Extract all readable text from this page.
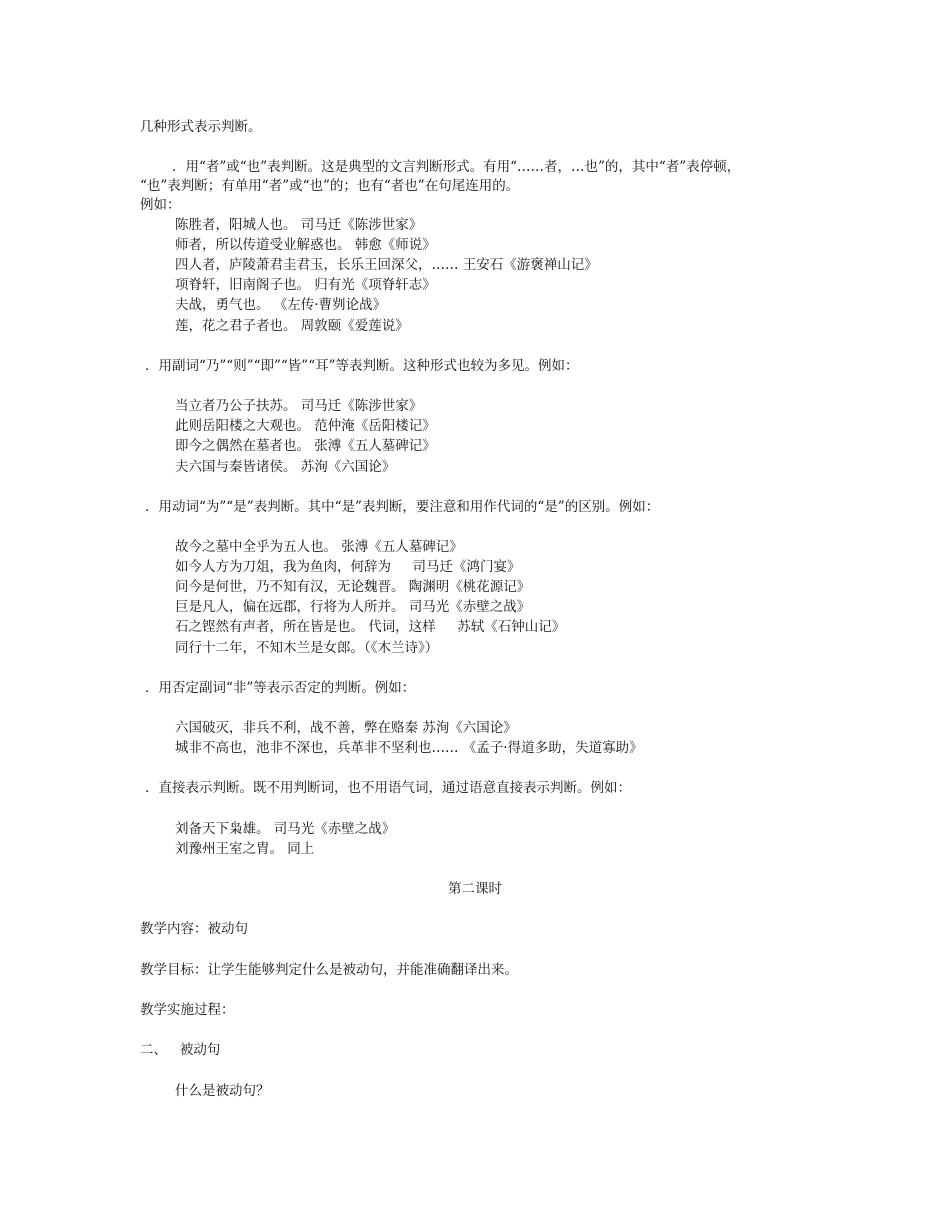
几种形式表示判断。
．用“者”或“也”表判断。这是典型的文言判断形式。有用“……者，…也”的，其中“者”表停顿，
“也”表判断；有单用“者”或“也”的；也有“者也”在句尾连用的。
例如：
陈胜者，阳城人也。 司马迁《陈涉世家》
师者，所以传道受业解惑也。 韩愈《师说》
四人者，庐陵萧君圭君玉，长乐王回深父，…… 王安石《游褒禅山记》
项脊轩，旧南阁子也。 归有光《项脊轩志》
夫战，勇气也。 《左传·曹刿论战》
莲，花之君子者也。 周敦颐《爱莲说》
．用副词“乃”“则”“即”“皆”“耳”等表判断。这种形式也较为多见。例如：
当立者乃公子扶苏。 司马迁《陈涉世家》
此则岳阳楼之大观也。 范仲淹《岳阳楼记》
即今之偶然在墓者也。 张溥《五人墓碑记》
夫六国与秦皆诸侯。 苏洵《六国论》
．用动词“为”“是”表判断。其中“是”表判断，要注意和用作代词的“是”的区别。例如：
故今之墓中全乎为五人也。 张溥《五人墓碑记》
如今人方为刀俎，我为鱼肉，何辞为     司马迁《鸿门宴》
问今是何世，乃不知有汉，无论魏晋。 陶渊明《桃花源记》
巨是凡人，偏在远郡，行将为人所并。 司马光《赤壁之战》
石之铿然有声者，所在皆是也。 代词，这样     苏轼《石钟山记》
同行十二年，不知木兰是女郎。（《木兰诗》）
．用否定副词“非”等表示否定的判断。例如：
六国破灭，非兵不利，战不善，弊在赂秦 苏洵《六国论》
城非不高也，池非不深也，兵革非不坚利也…… 《孟子·得道多助，失道寡助》
．直接表示判断。既不用判断词，也不用语气词，通过语意直接表示判断。例如：
刘备天下枭雄。 司马光《赤壁之战》
刘豫州王室之胄。 同上
第二课时
教学内容：被动句
教学目标：让学生能够判定什么是被动句，并能准确翻译出来。
教学实施过程：
二、   被动句
什么是被动句？
